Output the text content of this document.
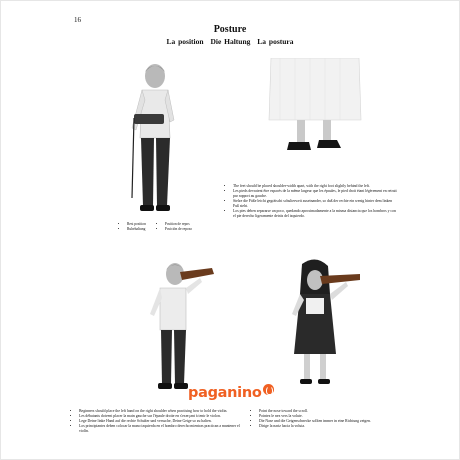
16
Posture
La position Die Haltung La postura
• The feet should be placed shoulder-width apart, with the right foot slightly behind the left.
• Les pieds devraient être espacés de la même largeur que les épaules, le pied droit étant légèrement en retrait par rapport au gauche.
• Stelze die Füße leicht gegrätscht schulterweit auseinander, so daß der rechte ein wenig hinter dem linken Fuß steht.
• Los pies deben separarse un poco, quedando aproximadamente a la misma distancia que los hombros y con el pie derecho ligeramente detrás del izquierdo.
• Rest position
• Ruhehaltung
• Position de repos
• Posición de reposo
paganino
• Beginners should place the left hand on the right shoulder when practising how to hold the violin.
• Les débutants doivent placer la main gauche sur l'épaule droite en s'exerçant à tenir le violon.
• Lege Deine linke Hand auf die rechte Schulter und versuche, Deine Geige so zu halten.
• Los principiantes deben colocar la mano izquierda en el hombro derecho mientras practican a mantener el violín.
• Point the nose toward the scroll.
• Pointez le nez vers la volute.
• Die Nase und die Geigenschnecke sollten immer in eine Richtung zeigen.
• Dirige la nariz hacia la voluta.
